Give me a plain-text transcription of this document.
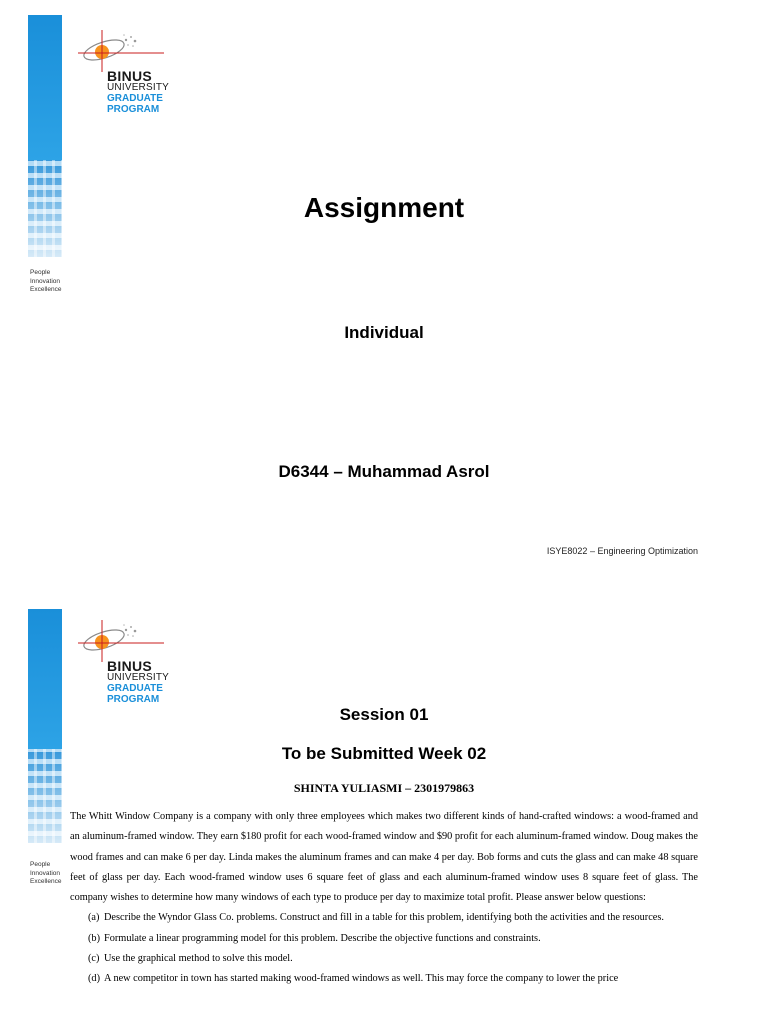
BINUS
UNIVERSITY
GRADUATE
PROGRAM
People
Innovation
Excellence
Assignment
Individual
D6344 – Muhammad Asrol
ISYE8022 – Engineering Optimization
BINUS
UNIVERSITY
GRADUATE
PROGRAM
People
Innovation
Excellence
Session 01
To be Submitted Week 02
SHINTA YULIASMI – 2301979863

The Whitt Window Company is a company with only three employees which makes two different kinds of hand-crafted windows: a wood-framed and an aluminum-framed window. They earn $180 profit for each wood-framed window and $90 profit for each aluminum-framed window. Doug makes the wood frames and can make 6 per day. Linda makes the aluminum frames and can make 4 per day. Bob forms and cuts the glass and can make 48 square feet of glass per day. Each wood-framed window uses 6 square feet of glass and each aluminum-framed window uses 8 square feet of glass. The company wishes to determine how many windows of each type to produce per day to maximize total profit. Please answer below questions:

(a) Describe the Wyndor Glass Co. problems. Construct and fill in a table for this problem, identifying both the activities and the resources.
(b) Formulate a linear programming model for this problem. Describe the objective functions and constraints.
(c) Use the graphical method to solve this model.
(d) A new competitor in town has started making wood-framed windows as well. This may force the company to lower the price
